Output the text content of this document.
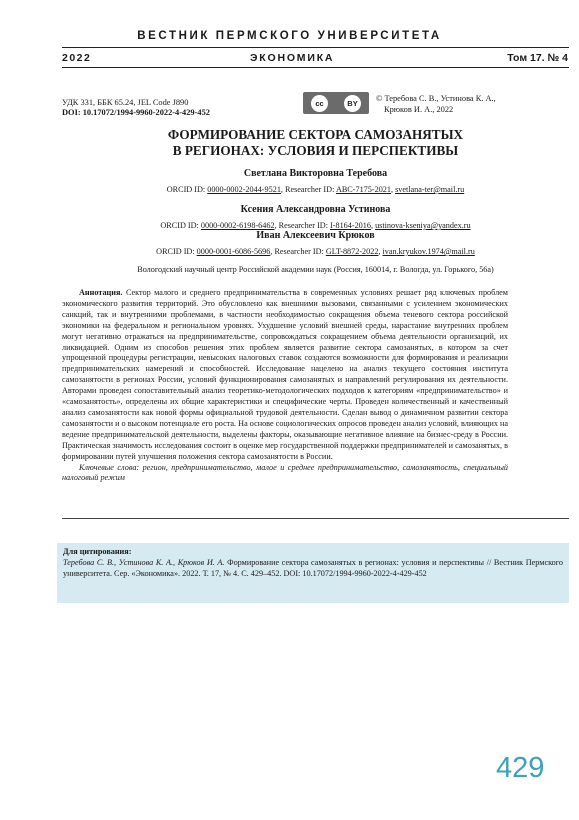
ВЕСТНИК ПЕРМСКОГО УНИВЕРСИТЕТА
2022	ЭКОНОМИКА	Том 17. № 4
УДК 331, ББК 65.24, JEL Code J890
DOI: 10.17072/1994-9960-2022-4-429-452
cc	BY	© Теребова С. В., Устинова К. А.,
Крюков И. А., 2022
ФОРМИРОВАНИЕ СЕКТОРА САМОЗАНЯТЫХ
В РЕГИОНАХ: УСЛОВИЯ И ПЕРСПЕКТИВЫ
Светлана Викторовна Теребова
ORCID ID: 0000-0002-2044-9521, Researcher ID: ABC-7175-2021, svetlana-ter@mail.ru
Ксения Александровна Устинова
ORCID ID: 0000-0002-6198-6462, Researcher ID: I-8164-2016, ustinova-kseniya@yandex.ru
Иван Алексеевич Крюков
ORCID ID: 0000-0001-6086-5696, Researcher ID: GLT-8872-2022, ivan.kryukov.1974@mail.ru
Вологодский научный центр Российской академии наук (Россия, 160014, г. Вологда, ул. Горького, 56а)

Аннотация. Сектор малого и среднего предпринимательства в современных условиях решает ряд ключевых проблем экономического развития территорий. Это обусловлено как внешними вызовами, связанными с усилением экономических санкций, так и внутренними проблемами, в частности необходимостью сокращения объема теневого сектора российской экономики на федеральном и региональном уровнях. Ухудшение условий внешней среды, нарастание внутренних проблем могут негативно отражаться на предпринимательстве, сопровождаться сокращением объема деятельности организаций, их ликвидацией. Одним из способов решения этих проблем является развитие сектора самозанятых, в котором за счет упрощенной процедуры регистрации, невысоких налоговых ставок создаются возможности для формирования и реализации предпринимательских намерений и способностей. Исследование нацелено на анализ текущего состояния института самозанятости в регионах России, условий функционирования самозанятых и направлений регулирования их деятельности. Авторами проведен сопоставительный анализ теоретико-методологических подходов к категориям «предпринимательство» и «самозанятость», определены их общие характеристики и специфические черты. Проведен количественный и качественный анализ самозанятости как новой формы официальной трудовой деятельности. Сделан вывод о динамичном развитии сектора самозанятости и о высоком потенциале его роста. На основе социологических опросов проведен анализ условий, влияющих на ведение предпринимательской деятельности, выделены факторы, оказывающие негативное влияние на бизнес-среду в России. Практическая значимость исследования состоит в оценке мер государственной поддержки предпринимателей и самозанятых, в формировании путей улучшения положения сектора самозанятости в России.

Ключевые слова: регион, предпринимательство, малое и среднее предпринимательство, самозанятость, специальный налоговый режим

Для цитирования:
Теребова С. В., Устинова К. А., Крюков И. А. Формирование сектора самозанятых в регионах: условия и перспективы // Вестник Пермского университета. Сер. «Экономика». 2022. Т. 17, № 4. С. 429–452. DOI: 10.17072/1994-9960-2022-4-429-452
429
